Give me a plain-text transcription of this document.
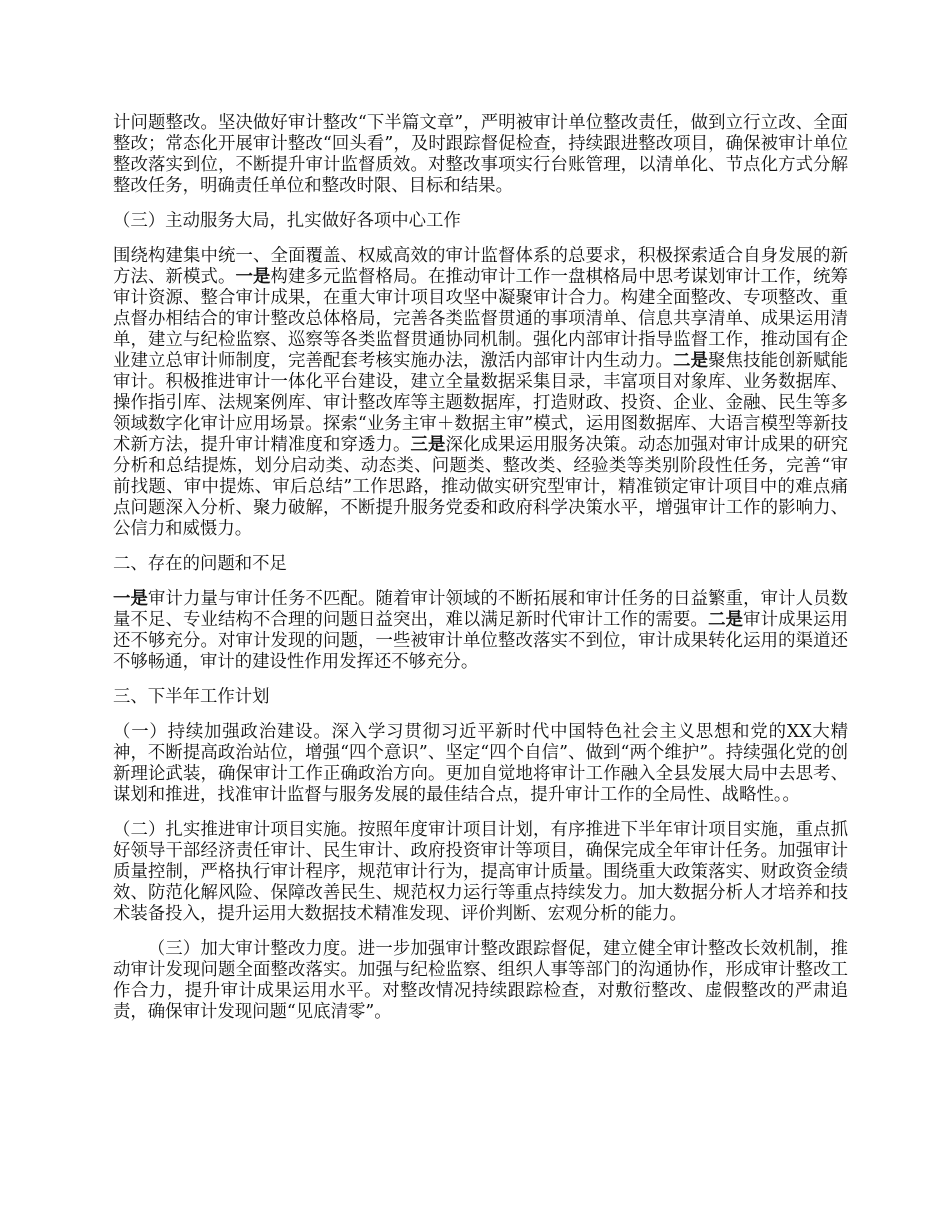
计问题整改。坚决做好审计整改“下半篇文章”，严明被审计单位整改责任，做到立行立改、全面整改；常态化开展审计整改“回头看”，及时跟踪督促检查，持续跟进整改项目，确保被审计单位整改落实到位，不断提升审计监督质效。对整改事项实行台账管理，以清单化、节点化方式分解整改任务，明确责任单位和整改时限、目标和结果。

（三）主动服务大局，扎实做好各项中心工作

围绕构建集中统一、全面覆盖、权威高效的审计监督体系的总要求，积极探索适合自身发展的新方法、新模式。一是构建多元监督格局。在推动审计工作一盘棋格局中思考谋划审计工作，统筹审计资源、整合审计成果，在重大审计项目攻坚中凝聚审计合力。构建全面整改、专项整改、重点督办相结合的审计整改总体格局，完善各类监督贯通的事项清单、信息共享清单、成果运用清单，建立与纪检监察、巡察等各类监督贯通协同机制。强化内部审计指导监督工作，推动国有企业建立总审计师制度，完善配套考核实施办法，激活内部审计内生动力。二是聚焦技能创新赋能审计。积极推进审计一体化平台建设，建立全量数据采集目录，丰富项目对象库、业务数据库、操作指引库、法规案例库、审计整改库等主题数据库，打造财政、投资、企业、金融、民生等多领域数字化审计应用场景。探索“业务主审＋数据主审”模式，运用图数据库、大语言模型等新技术新方法，提升审计精准度和穿透力。三是深化成果运用服务决策。动态加强对审计成果的研究分析和总结提炼，划分启动类、动态类、问题类、整改类、经验类等类别阶段性任务，完善“审前找题、审中提炼、审后总结”工作思路，推动做实研究型审计，精准锁定审计项目中的难点痛点问题深入分析、聚力破解，不断提升服务党委和政府科学决策水平，增强审计工作的影响力、公信力和威慑力。

二、存在的问题和不足

一是审计力量与审计任务不匹配。随着审计领域的不断拓展和审计任务的日益繁重，审计人员数量不足、专业结构不合理的问题日益突出，难以满足新时代审计工作的需要。二是审计成果运用还不够充分。对审计发现的问题，一些被审计单位整改落实不到位，审计成果转化运用的渠道还不够畅通，审计的建设性作用发挥还不够充分。

三、下半年工作计划

（一）持续加强政治建设。深入学习贯彻习近平新时代中国特色社会主义思想和党的XX大精神，不断提高政治站位，增强“四个意识”、坚定“四个自信”、做到“两个维护”。持续强化党的创新理论武装，确保审计工作正确政治方向。更加自觉地将审计工作融入全县发展大局中去思考、谋划和推进，找准审计监督与服务发展的最佳结合点，提升审计工作的全局性、战略性。。

（二）扎实推进审计项目实施。按照年度审计项目计划，有序推进下半年审计项目实施，重点抓好领导干部经济责任审计、民生审计、政府投资审计等项目，确保完成全年审计任务。加强审计质量控制，严格执行审计程序，规范审计行为，提高审计质量。围绕重大政策落实、财政资金绩效、防范化解风险、保障改善民生、规范权力运行等重点持续发力。加大数据分析人才培养和技术装备投入，提升运用大数据技术精准发现、评价判断、宏观分析的能力。

（三）加大审计整改力度。进一步加强审计整改跟踪督促，建立健全审计整改长效机制，推动审计发现问题全面整改落实。加强与纪检监察、组织人事等部门的沟通协作，形成审计整改工作合力，提升审计成果运用水平。对整改情况持续跟踪检查，对敷衍整改、虚假整改的严肃追责，确保审计发现问题“见底清零”。
